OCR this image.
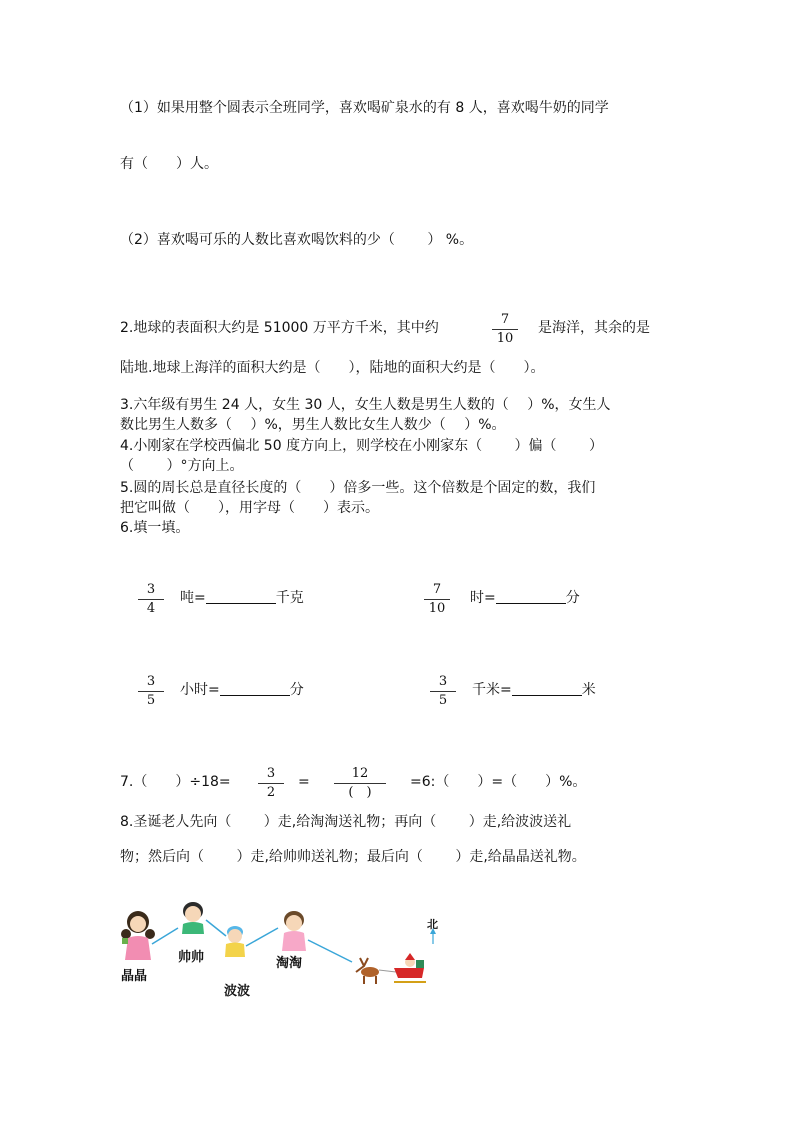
（1）如果用整个圆表示全班同学，喜欢喝矿泉水的有 8 人，喜欢喝牛奶的同学
有（　　）人。
（2）喜欢喝可乐的人数比喜欢喝饮料的少（　　 ） %。
2.地球的表面积大约是 51000 万平方千米，其中约
7
10
是海洋，其余的是
陆地.地球上海洋的面积大约是（　　），陆地的面积大约是（　　）。
3.六年级有男生 24 人，女生 30 人，女生人数是男生人数的（　 ）%，女生人
数比男生人数多（　 ）%，男生人数比女生人数少（　 ）%。
4.小刚家在学校西偏北 50 度方向上，则学校在小刚家东（　　 ）偏（　　 ）
（　　 ）°方向上。
5.圆的周长总是直径长度的（　　）倍多一些。这个倍数是个固定的数，我们
把它叫做（　　），用字母（　　）表示。
6.填一填。
3
4
吨=	千克
7
10
时=	分
3
5
小时=	分
3
5
千米=	米
7.（　　）÷18=
3
2
=
12
(　)
=6:（　　）=（　　）%。
8.圣诞老人先向（　　 ）走,给淘淘送礼物；再向（　　 ）走,给波波送礼
物；然后向（　　 ）走,给帅帅送礼物；最后向（　　 ）走,给晶晶送礼物。
晶晶
帅帅
波波
淘淘
北
